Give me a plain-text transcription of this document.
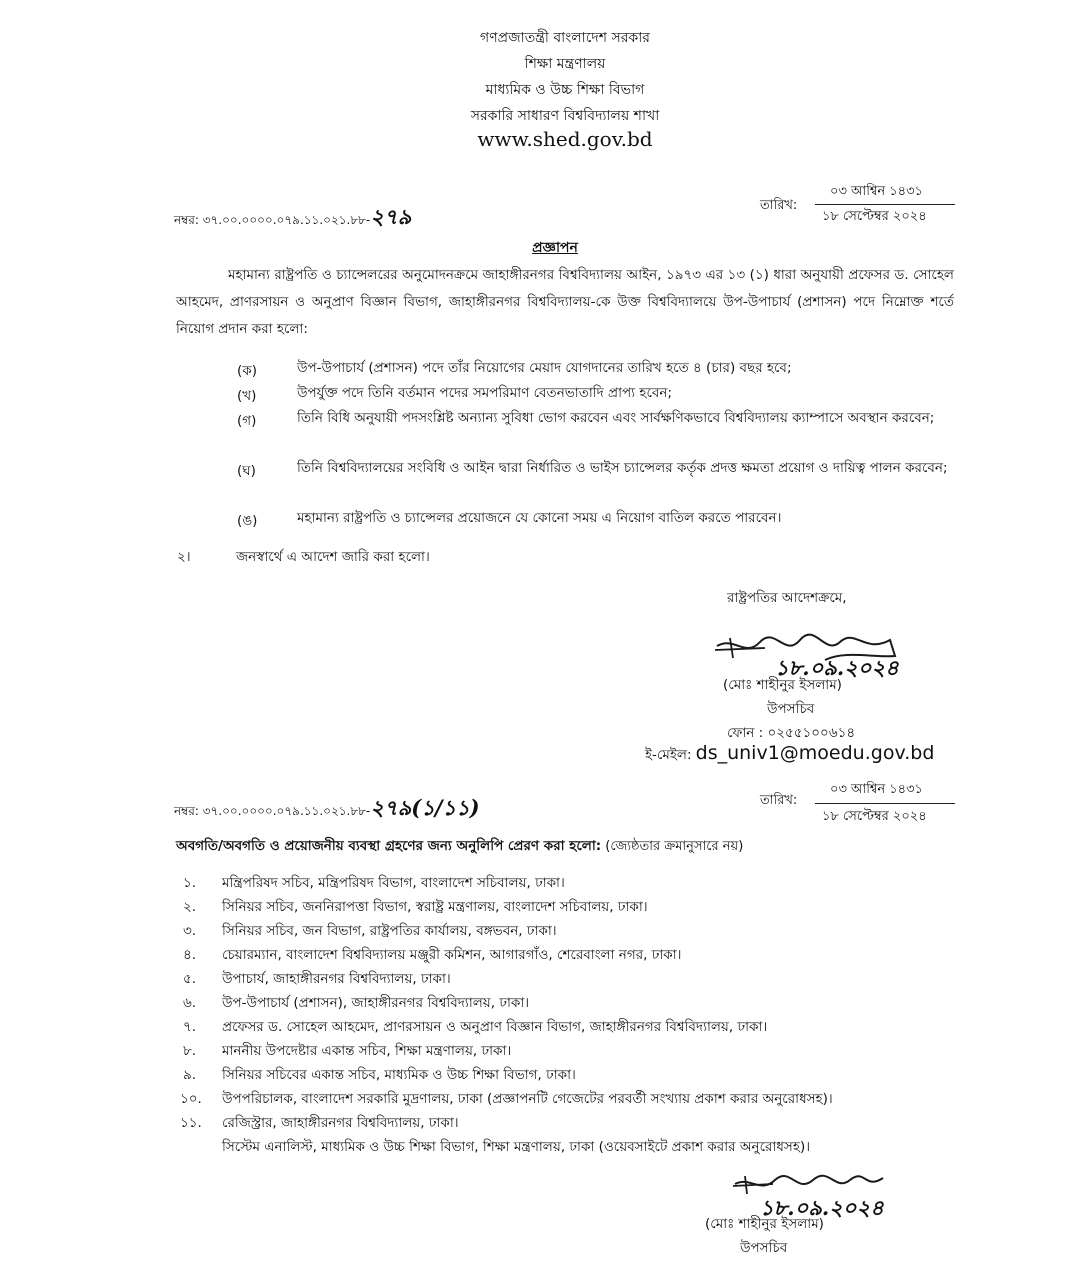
গণপ্রজাতন্ত্রী বাংলাদেশ সরকার
শিক্ষা মন্ত্রণালয়
মাধ্যমিক ও উচ্চ শিক্ষা বিভাগ
সরকারি সাধারণ বিশ্ববিদ্যালয় শাখা
www.shed.gov.bd
নম্বর: ৩৭.০০.০০০০.০৭৯.১১.০২১.৮৮-২৭৯	তারিখ:
০৩ আশ্বিন ১৪৩১
১৮ সেপ্টেম্বর ২০২৪
প্রজ্ঞাপন
মহামান্য রাষ্ট্রপতি ও চ্যান্সেলরের অনুমোদনক্রমে জাহাঙ্গীরনগর বিশ্ববিদ্যালয় আইন, ১৯৭৩ এর ১৩ (১) ধারা অনুযায়ী প্রফেসর ড. সোহেল আহমেদ, প্রাণরসায়ন ও অনুপ্রাণ বিজ্ঞান বিভাগ, জাহাঙ্গীরনগর বিশ্ববিদ্যালয়-কে উক্ত বিশ্ববিদ্যালয়ে উপ-উপাচার্য (প্রশাসন) পদে নিম্নোক্ত শর্তে নিয়োগ প্রদান করা হলো:
(ক)	উপ-উপাচার্য (প্রশাসন) পদে তাঁর নিয়োগের মেয়াদ যোগদানের তারিখ হতে ৪ (চার) বছর হবে;
(খ)	উপর্যুক্ত পদে তিনি বর্তমান পদের সমপরিমাণ বেতনভাতাদি প্রাপ্য হবেন;
(গ)	তিনি বিধি অনুযায়ী পদসংশ্লিষ্ট অন্যান্য সুবিধা ভোগ করবেন এবং সার্বক্ষণিকভাবে বিশ্ববিদ্যালয় ক্যাম্পাসে অবস্থান করবেন;
(ঘ)	তিনি বিশ্ববিদ্যালয়ের সংবিধি ও আইন দ্বারা নির্ধারিত ও ভাইস চ্যান্সেলর কর্তৃক প্রদত্ত ক্ষমতা প্রয়োগ ও দায়িত্ব পালন করবেন;
(ঙ)	মহামান্য রাষ্ট্রপতি ও চ্যান্সেলর প্রয়োজনে যে কোনো সময় এ নিয়োগ বাতিল করতে পারবেন।
২।	জনস্বার্থে এ আদেশ জারি করা হলো।
রাষ্ট্রপতির আদেশক্রমে,
১৮.০৯.২০২৪
(মোঃ শাহীনুর ইসলাম)
উপসচিব
ফোন : ০২৫৫১০০৬১৪
ই-মেইল: ds_univ1@moedu.gov.bd
নম্বর: ৩৭.০০.০০০০.০৭৯.১১.০২১.৮৮-২৭৯(১/১১)	তারিখ:
০৩ আশ্বিন ১৪৩১
১৮ সেপ্টেম্বর ২০২৪
অবগতি/অবগতি ও প্রয়োজনীয় ব্যবস্থা গ্রহণের জন্য অনুলিপি প্রেরণ করা হলো: (জ্যেষ্ঠতার ক্রমানুসারে নয়)
১. মন্ত্রিপরিষদ সচিব, মন্ত্রিপরিষদ বিভাগ, বাংলাদেশ সচিবালয়, ঢাকা।
২. সিনিয়র সচিব, জননিরাপত্তা বিভাগ, স্বরাষ্ট্র মন্ত্রণালয়, বাংলাদেশ সচিবালয়, ঢাকা।
৩. সিনিয়র সচিব, জন বিভাগ, রাষ্ট্রপতির কার্যালয়, বঙ্গভবন, ঢাকা।
৪. চেয়ারম্যান, বাংলাদেশ বিশ্ববিদ্যালয় মঞ্জুরী কমিশন, আগারগাঁও, শেরেবাংলা নগর, ঢাকা।
৫. উপাচার্য, জাহাঙ্গীরনগর বিশ্ববিদ্যালয়, ঢাকা।
৬. উপ-উপাচার্য (প্রশাসন), জাহাঙ্গীরনগর বিশ্ববিদ্যালয়, ঢাকা।
৭. প্রফেসর ড. সোহেল আহমেদ, প্রাণরসায়ন ও অনুপ্রাণ বিজ্ঞান বিভাগ, জাহাঙ্গীরনগর বিশ্ববিদ্যালয়, ঢাকা।
৮. মাননীয় উপদেষ্টার একান্ত সচিব, শিক্ষা মন্ত্রণালয়, ঢাকা।
৯. সিনিয়র সচিবের একান্ত সচিব, মাধ্যমিক ও উচ্চ শিক্ষা বিভাগ, ঢাকা।
১০. উপপরিচালক, বাংলাদেশ সরকারি মুদ্রণালয়, ঢাকা (প্রজ্ঞাপনটি গেজেটের পরবর্তী সংখ্যায় প্রকাশ করার অনুরোধসহ)।
১১. রেজিস্ট্রার, জাহাঙ্গীরনগর বিশ্ববিদ্যালয়, ঢাকা।
সিস্টেম এনালিস্ট, মাধ্যমিক ও উচ্চ শিক্ষা বিভাগ, শিক্ষা মন্ত্রণালয়, ঢাকা (ওয়েবসাইটে প্রকাশ করার অনুরোধসহ)।
১৮.০৯.২০২৪
(মোঃ শাহীনুর ইসলাম)
উপসচিব
